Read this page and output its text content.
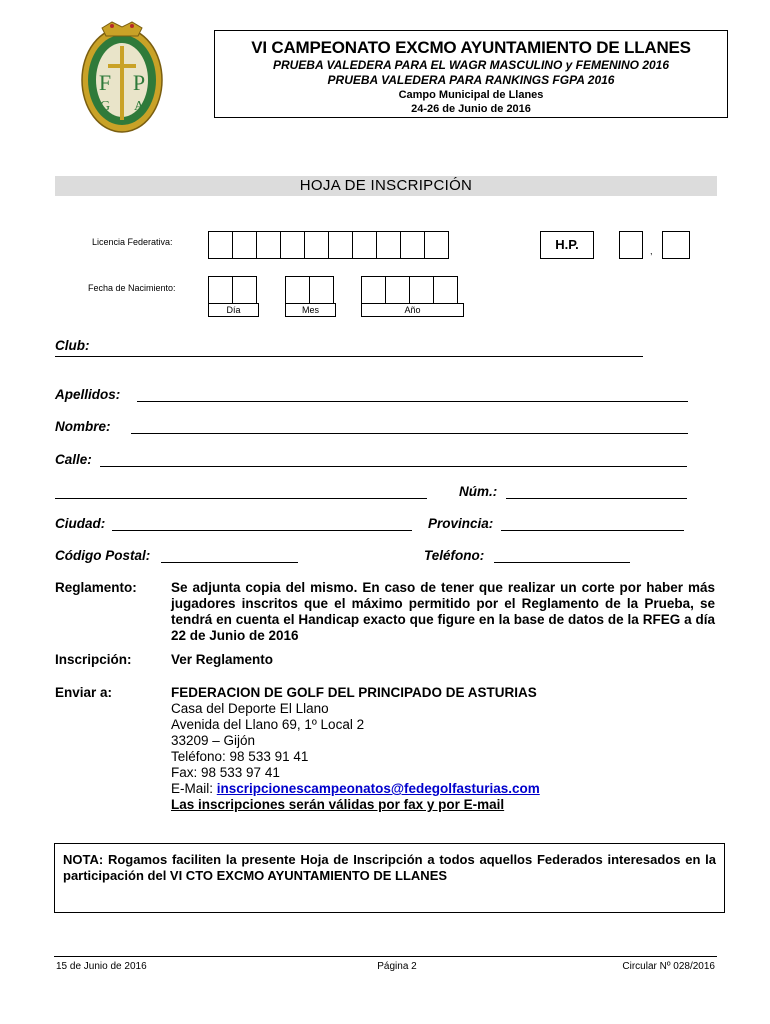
F P
G A
VI CAMPEONATO EXCMO AYUNTAMIENTO DE LLANES
PRUEBA VALEDERA PARA EL WAGR MASCULINO y FEMENINO 2016
PRUEBA VALEDERA PARA RANKINGS FGPA 2016
Campo Municipal de Llanes
24-26 de Junio de 2016
HOJA DE INSCRIPCIÓN
Licencia Federativa:	H.P.	,
Fecha de Nacimiento:
Día	Mes	Año
Club:
Apellidos:
Nombre:
Calle:
Núm.:
Ciudad:	Provincia:
Código Postal:	Teléfono:
Reglamento:	Se adjunta copia del mismo. En caso de tener que realizar un corte por haber más jugadores inscritos que el máximo permitido por el Reglamento de la Prueba, se tendrá en cuenta el Handicap exacto que figure en la base de datos de la RFEG a día 22 de Junio de 2016
Inscripción:	Ver Reglamento
Enviar a:	FEDERACION DE GOLF DEL PRINCIPADO DE ASTURIAS
Casa del Deporte El Llano
Avenida del Llano 69, 1º Local 2
33209 – Gijón
Teléfono: 98 533 91 41
Fax: 98 533 97 41
E-Mail: inscripcionescampeonatos@fedegolfasturias.com
Las inscripciones serán válidas por fax y por E-mail

NOTA: Rogamos faciliten la presente Hoja de Inscripción a todos aquellos Federados interesados en la participación del VI CTO EXCMO AYUNTAMIENTO DE LLANES

15 de Junio de 2016	Página 2	Circular Nº 028/2016
